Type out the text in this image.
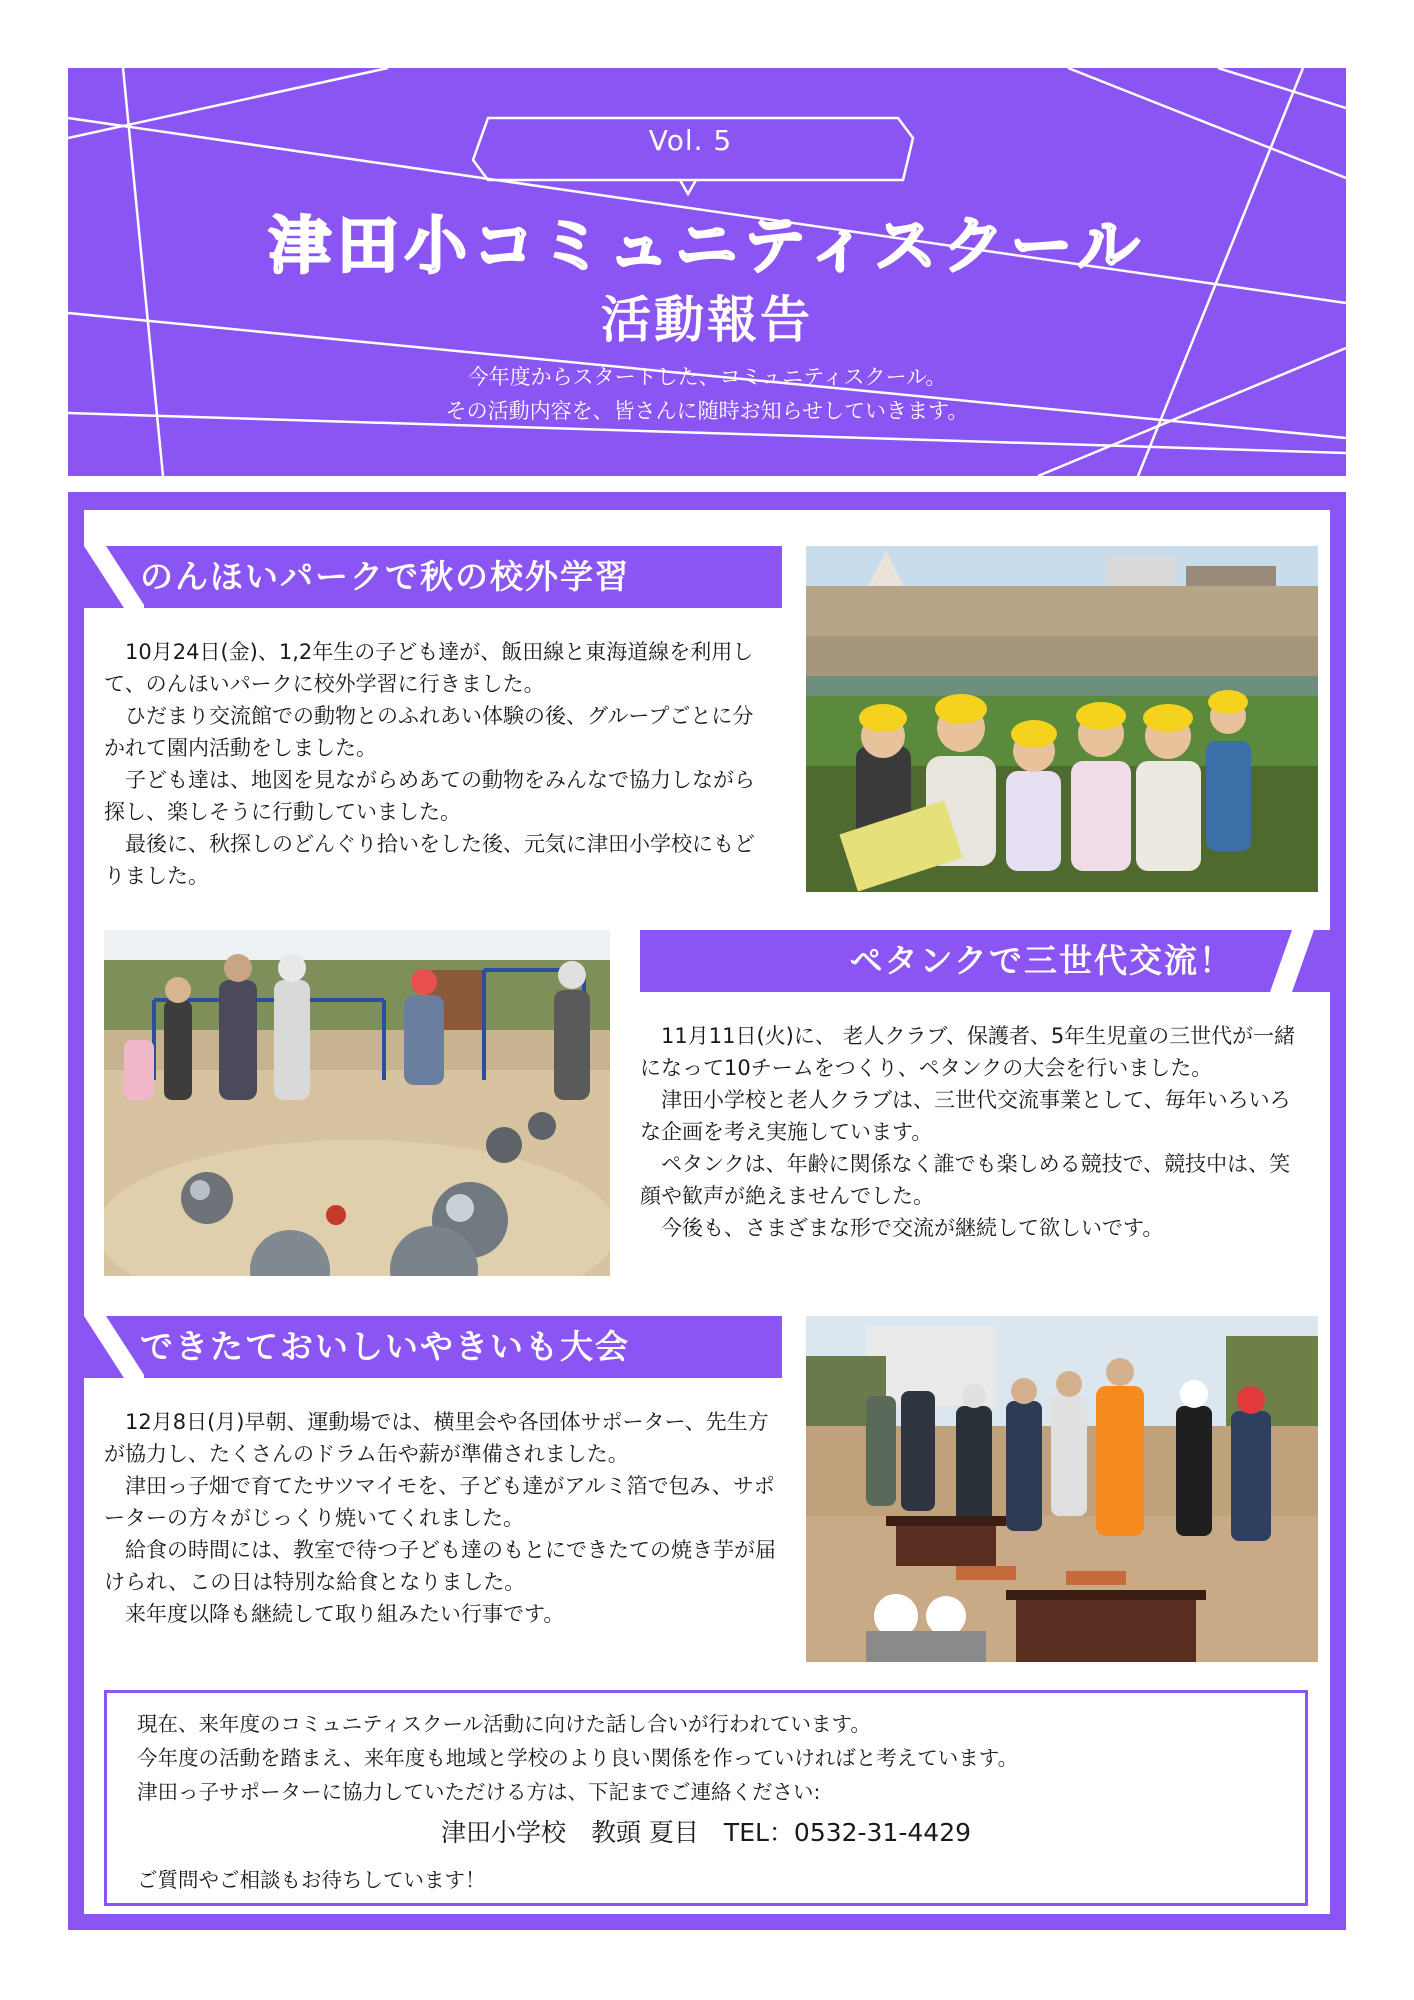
Vol. 5
津田小コミュニティスクール
活動報告
今年度からスタートした、コミュニティスクール。
その活動内容を、皆さんに随時お知らせしていきます。
のんほいパークで秋の校外学習

10月24日(金)、1,2年生の子ども達が、飯田線と東海道線を利用して、のんほいパークに校外学習に行きました。

ひだまり交流館での動物とのふれあい体験の後、グループごとに分かれて園内活動をしました。

子ども達は、地図を見ながらめあての動物をみんなで協力しながら探し、楽しそうに行動していました。

最後に、秋探しのどんぐり拾いをした後、元気に津田小学校にもどりました。

ペタンクで三世代交流！

11月11日(火)に、 老人クラブ、保護者、5年生児童の三世代が一緒になって10チームをつくり、ペタンクの大会を行いました。

津田小学校と老人クラブは、三世代交流事業として、毎年いろいろな企画を考え実施しています。

ペタンクは、年齢に関係なく誰でも楽しめる競技で、競技中は、笑顔や歓声が絶えませんでした。

今後も、さまざまな形で交流が継続して欲しいです。

できたておいしいやきいも大会

12月8日(月)早朝、運動場では、横里会や各団体サポーター、先生方が協力し、たくさんのドラム缶や薪が準備されました。

津田っ子畑で育てたサツマイモを、子ども達がアルミ箔で包み、サポーターの方々がじっくり焼いてくれました。

給食の時間には、教室で待つ子ども達のもとにできたての焼き芋が届けられ、この日は特別な給食となりました。

来年度以降も継続して取り組みたい行事です。

現在、来年度のコミュニティスクール活動に向けた話し合いが行われています。
今年度の活動を踏まえ、来年度も地域と学校のより良い関係を作っていければと考えています。
津田っ子サポーターに協力していただける方は、下記までご連絡ください:
津田小学校　教頭 夏目　TEL：0532-31-4429
ご質問やご相談もお待ちしています！
